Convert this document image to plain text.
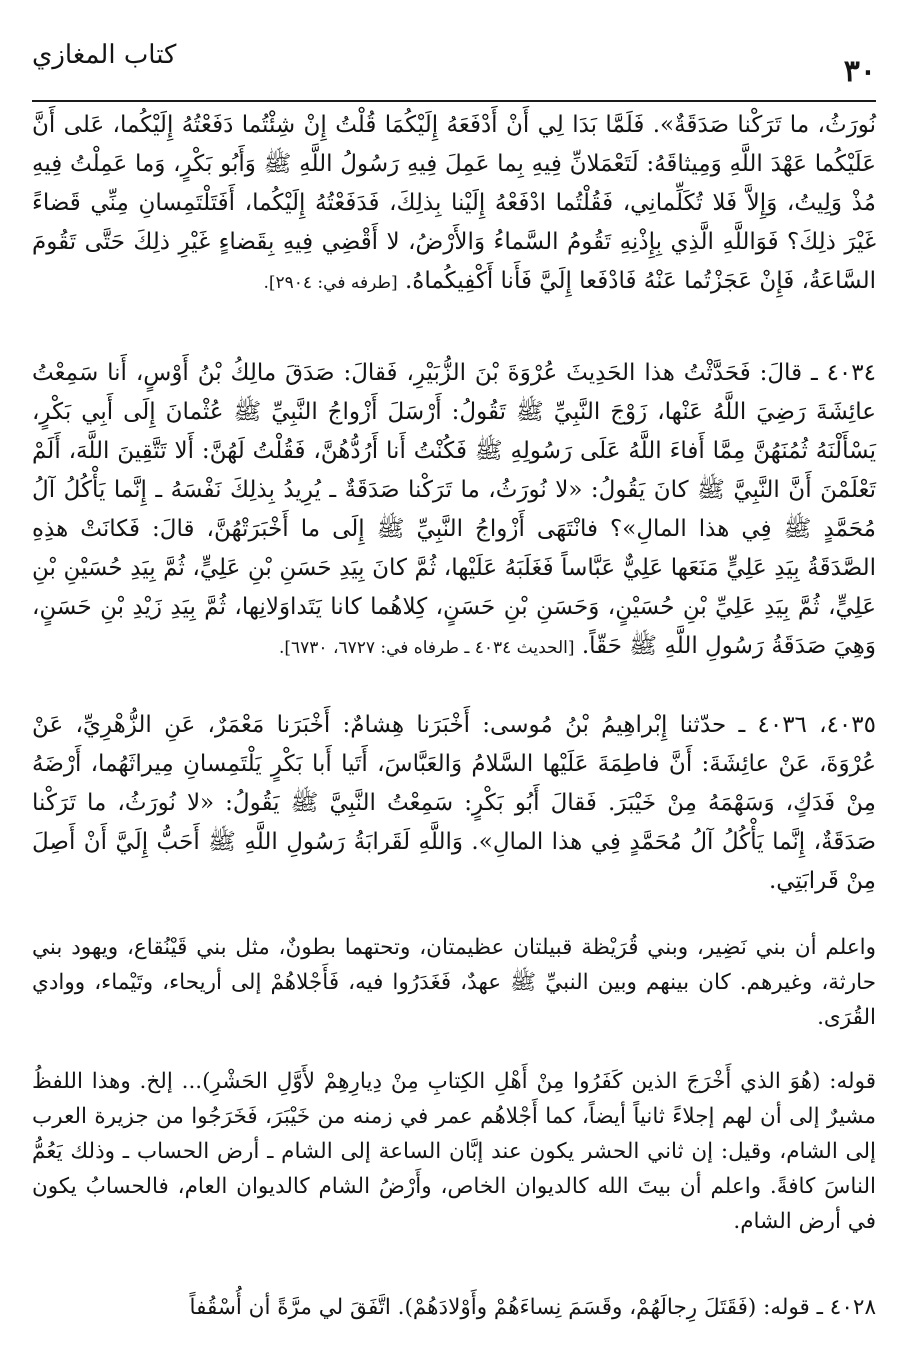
٣٠
كتاب المغازي
نُورَثُ، ما تَرَكْنا صَدَقَةٌ». فَلَمَّا بَدَا لِي أَنْ أَدْفَعَهُ إِلَيْكُمَا قُلْتُ إِنْ شِئْتُما دَفَعْتُهُ إِلَيْكُما، عَلى أَنَّ عَلَيْكُما عَهْدَ اللَّهِ وَمِيثاقَهُ: لَتَعْمَلانِّ فِيهِ بِما عَمِلَ فِيهِ رَسُولُ اللَّهِ ﷺ وَأَبُو بَكْرٍ، وَما عَمِلْتُ فِيهِ مُذْ وَلِيتُ، وَإِلاَّ فَلا تُكَلِّمانِي، فَقُلْتُما ادْفَعْهُ إِلَيْنا بِذلِكَ، فَدَفَعْتُهُ إِلَيْكُما، أَفَتَلْتَمِسانِ مِنِّي قَضاءً غَيْرَ ذلِكَ؟ فَوَاللَّهِ الَّذِي بِإِذْنِهِ تَقُومُ السَّماءُ وَالأَرْضُ، لا أَقْضِي فِيهِ بِقَضاءٍ غَيْرِ ذلِكَ حَتَّى تَقُومَ السَّاعَةُ، فَإِنْ عَجَزْتُما عَنْهُ فَادْفَعا إِلَيَّ فَأَنا أَكْفِيكُماهُ. [طرفه في: ٢٩٠٤].
٤٠٣٤ ـ قالَ: فَحَدَّثْتُ هذا الحَدِيثَ عُرْوَةَ بْنَ الزُّبَيْرِ، فَقالَ: صَدَقَ مالِكُ بْنُ أَوْسٍ، أَنا سَمِعْتُ عائِشَةَ رَضِيَ اللَّهُ عَنْها، زَوْجَ النَّبِيِّ ﷺ تَقُولُ: أَرْسَلَ أَزْواجُ النَّبِيِّ ﷺ عُثْمانَ إِلَى أَبِي بَكْرٍ، يَسْأَلْنَهُ ثُمُنَهُنَّ مِمَّا أَفاءَ اللَّهُ عَلَى رَسُولِهِ ﷺ فَكُنْتُ أَنا أَرُدُّهُنَّ، فَقُلْتُ لَهُنَّ: أَلا تَتَّقِينَ اللَّهَ، أَلَمْ تَعْلَمْنَ أَنَّ النَّبِيَّ ﷺ كانَ يَقُولُ: «لا نُورَثُ، ما تَرَكْنا صَدَقَةٌ ـ يُرِيدُ بِذلِكَ نَفْسَهُ ـ إِنَّما يَأْكُلُ آلُ مُحَمَّدٍ ﷺ فِي هذا المالِ»؟ فانْتَهَى أَزْواجُ النَّبِيِّ ﷺ إِلَى ما أَخْبَرَتْهُنَّ، قالَ: فَكانَتْ هذِهِ الصَّدَقَةُ بِيَدِ عَلِيٍّ مَنَعَها عَلِيٌّ عَبَّاساً فَغَلَبَهُ عَلَيْها، ثُمَّ كانَ بِيَدِ حَسَنِ بْنِ عَلِيٍّ، ثُمَّ بِيَدِ حُسَيْنِ بْنِ عَلِيٍّ، ثُمَّ بِيَدِ عَلِيِّ بْنِ حُسَيْنٍ، وَحَسَنِ بْنِ حَسَنٍ، كِلاهُما كانا يَتَداوَلانِها، ثُمَّ بِيَدِ زَيْدِ بْنِ حَسَنٍ، وَهِيَ صَدَقَةُ رَسُولِ اللَّهِ ﷺ حَقّاً. [الحديث ٤٠٣٤ ـ طرفاه في: ٦٧٢٧، ٦٧٣٠].
٤٠٣٥، ٤٠٣٦ ـ حدّثنا إِبْراهِيمُ بْنُ مُوسى: أَخْبَرَنا هِشامٌ: أَخْبَرَنا مَعْمَرٌ، عَنِ الزُّهْرِيِّ، عَنْ عُرْوَةَ، عَنْ عائِشَةَ: أَنَّ فاطِمَةَ عَلَيْها السَّلامُ وَالعَبَّاسَ، أَتَيا أَبا بَكْرٍ يَلْتَمِسانِ مِيراثَهُما، أَرْضَهُ مِنْ فَدَكٍ، وَسَهْمَهُ مِنْ خَيْبَرَ. فَقالَ أَبُو بَكْرٍ: سَمِعْتُ النَّبِيَّ ﷺ يَقُولُ: «لا نُورَثُ، ما تَرَكْنا صَدَقَةٌ، إِنَّما يَأْكُلُ آلُ مُحَمَّدٍ فِي هذا المالِ». وَاللَّهِ لَقَرابَةُ رَسُولِ اللَّهِ ﷺ أَحَبُّ إِلَيَّ أَنْ أَصِلَ مِنْ قَرابَتِي.
واعلم أن بني نَضِير، وبني قُرَيْظة قبيلتان عظيمتان، وتحتهما بطونٌ، مثل بني قَيْنُقاع، ويهود بني حارثة، وغيرهم. كان بينهم وبين النبيِّ ﷺ عهدٌ، فَغَدَرُوا فيه، فَأَجْلاهُمْ إلى أريحاء، وتَيْماء، ووادي القُرَى.
قوله: (هُوَ الذي أَخْرَجَ الذين كَفَرُوا مِنْ أَهْلِ الكِتابِ مِنْ دِيارِهِمْ لأَوَّلِ الحَشْرِ)... إلخ. وهذا اللفظُ مشيرٌ إلى أن لهم إجلاءً ثانياً أيضاً، كما أَجْلاهُم عمر في زمنه من خَيْبَرَ، فَخَرَجُوا من جزيرة العرب إلى الشام، وقيل: إن ثاني الحشر يكون عند إبَّان الساعة إلى الشام ـ أرض الحساب ـ وذلك يَعُمُّ الناسَ كافةً. واعلم أن بيتَ الله كالديوان الخاص، وأَرْضُ الشام كالديوان العام، فالحسابُ يكون في أرض الشام.
٤٠٢٨ ـ قوله: (فَقَتَلَ رِجالَهُمْ، وقَسَمَ نِساءَهُمْ وأَوْلادَهُمْ). اتَّفَقَ لي مرَّةً أن أُسْقُفاً
